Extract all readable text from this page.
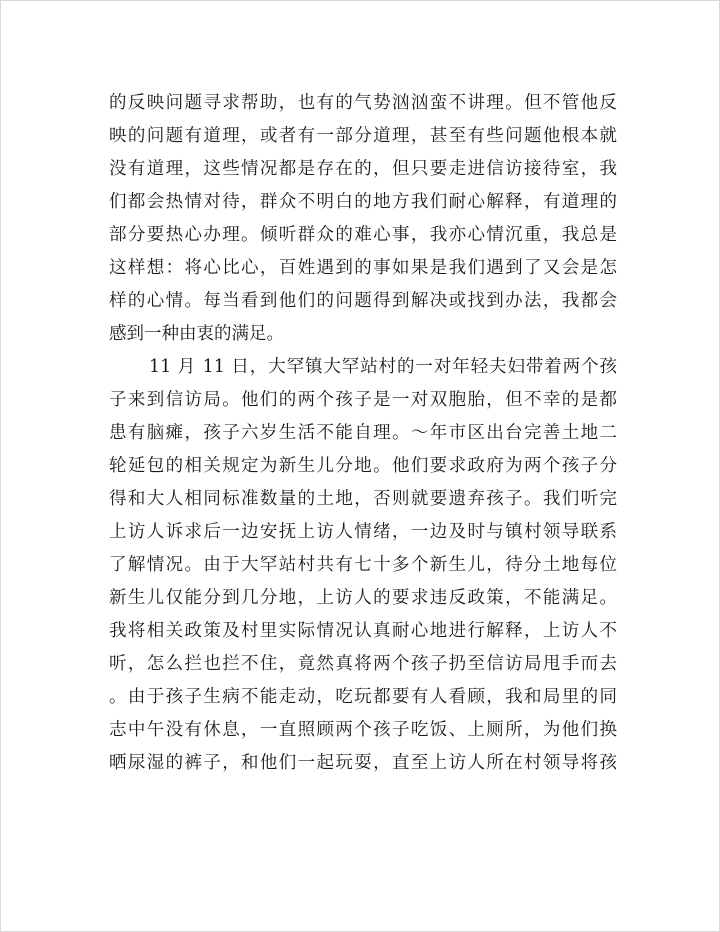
的反映问题寻求帮助，也有的气势汹汹蛮不讲理。但不管他反
映的问题有道理，或者有一部分道理，甚至有些问题他根本就
没有道理，这些情况都是存在的，但只要走进信访接待室，我
们都会热情对待，群众不明白的地方我们耐心解释，有道理的
部分要热心办理。倾听群众的难心事，我亦心情沉重，我总是
这样想：将心比心，百姓遇到的事如果是我们遇到了又会是怎
样的心情。每当看到他们的问题得到解决或找到办法，我都会
感到一种由衷的满足。
11 月 11 日，大罕镇大罕站村的一对年轻夫妇带着两个孩
子来到信访局。他们的两个孩子是一对双胞胎，但不幸的是都
患有脑瘫，孩子六岁生活不能自理。～年市区出台完善土地二
轮延包的相关规定为新生儿分地。他们要求政府为两个孩子分
得和大人相同标准数量的土地，否则就要遗弃孩子。我们听完
上访人诉求后一边安抚上访人情绪，一边及时与镇村领导联系
了解情况。由于大罕站村共有七十多个新生儿，待分土地每位
新生儿仅能分到几分地，上访人的要求违反政策，不能满足。
我将相关政策及村里实际情况认真耐心地进行解释，上访人不
听，怎么拦也拦不住，竟然真将两个孩子扔至信访局甩手而去
。由于孩子生病不能走动，吃玩都要有人看顾，我和局里的同
志中午没有休息，一直照顾两个孩子吃饭、上厕所，为他们换
晒尿湿的裤子，和他们一起玩耍，直至上访人所在村领导将孩
